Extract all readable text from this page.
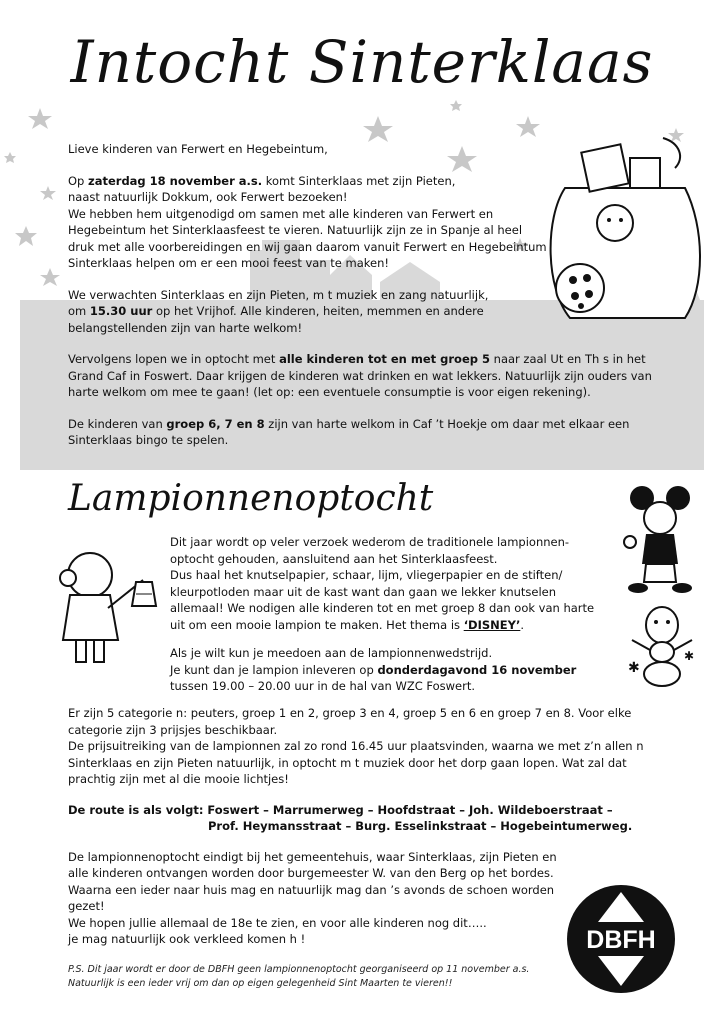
Intocht Sinterklaas

Lieve kinderen van Ferwert en Hegebeintum,

Op zaterdag 18 november a.s. komt Sinterklaas met zijn Pieten,
naast natuurlijk Dokkum, ook Ferwert bezoeken!
We hebben hem uitgenodigd om samen met alle kinderen van Ferwert en Hegebeintum het Sinterklaasfeest te vieren. Natuurlijk zijn ze in Spanje al heel druk met alle voorbereidingen en wij gaan daarom vanuit Ferwert en Hegebeintum Sinterklaas helpen om er een mooi feest van te maken!

We verwachten Sinterklaas en zijn Pieten, m t muziek en zang natuurlijk,
om 15.30 uur op het Vrijhof. Alle kinderen, heiten, memmen en andere belangstellenden zijn van harte welkom!

Vervolgens lopen we in optocht met alle kinderen tot en met groep 5 naar zaal Ut en Th s in het Grand Caf in Foswert. Daar krijgen de kinderen wat drinken en wat lekkers. Natuurlijk zijn ouders van harte welkom om mee te gaan! (let op: een eventuele consumptie is voor eigen rekening).

De kinderen van groep 6, 7 en 8 zijn van harte welkom in Caf ’t Hoekje om daar met elkaar een Sinterklaas bingo te spelen.

Lampionnenoptocht
✱
✱

Dit jaar wordt op veler verzoek wederom de traditionele lampionnen-optocht gehouden, aansluitend aan het Sinterklaasfeest.
Dus haal het knutselpapier, schaar, lijm, vliegerpapier en de stiften/ kleurpotloden maar uit de kast want dan gaan we lekker knutselen allemaal! We nodigen alle kinderen tot en met groep 8 dan ook van harte uit om een mooie lampion te maken. Het thema is ‘DISNEY’.

Als je wilt kun je meedoen aan de lampionnenwedstrijd.
Je kunt dan je lampion inleveren op donderdagavond 16 november
tussen 19.00 – 20.00 uur in de hal van WZC Foswert.

Er zijn 5 categorie n: peuters, groep 1 en 2, groep 3 en 4, groep 5 en 6 en groep 7 en 8. Voor elke categorie zijn 3 prijsjes beschikbaar.

De prijsuitreiking van de lampionnen zal zo rond 16.45 uur plaatsvinden, waarna we met z’n allen n Sinterklaas en zijn Pieten natuurlijk, in optocht m t muziek door het dorp gaan lopen. Wat zal dat prachtig zijn met al die mooie lichtjes!

De route is als volgt: Foswert – Marrumerweg – Hoofdstraat – Joh. Wildeboerstraat –
Prof. Heymansstraat – Burg. Esselinkstraat – Hogebeintumerweg.

De lampionnenoptocht eindigt bij het gemeentehuis, waar Sinterklaas, zijn Pieten en alle kinderen ontvangen worden door burgemeester W. van den Berg op het bordes.
Waarna een ieder naar huis mag en natuurlijk mag dan ’s avonds de schoen worden gezet!
We hopen jullie allemaal de 18e te zien, en voor alle kinderen nog dit…..
je mag natuurlijk ook verkleed komen h !

P.S. Dit jaar wordt er door de DBFH geen lampionnenoptocht georganiseerd op 11 november a.s. Natuurlijk is een ieder vrij om dan op eigen gelegenheid Sint Maarten te vieren!!
DBFH
